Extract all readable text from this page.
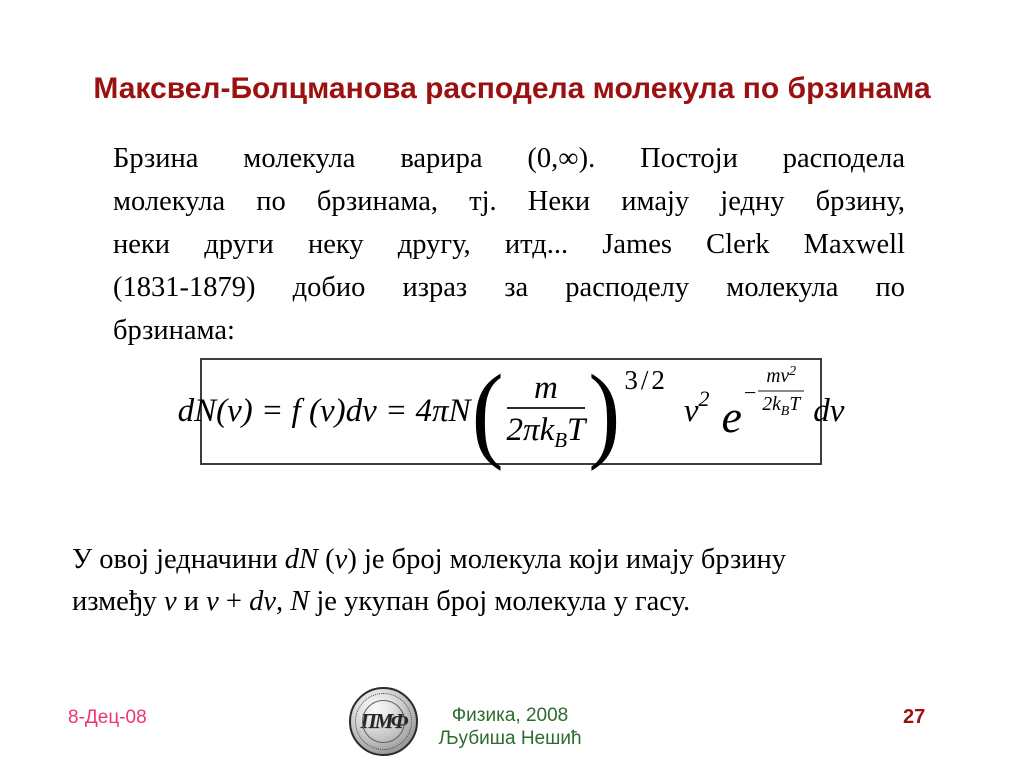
Максвел-Болцманова расподела молекула по брзинама
Брзина молекула варира (0,∞). Постоји расподела
молекула по брзинама, тј. Неки имају једну брзину,
неки други неку другу, итд... James Clerk Maxwell
(1831-1879) добио израз за расподелу молекула по
брзинама:
dN(v) = f (v)dv = 4πN ( $\frac{m}{2\pi k_BT}$ ) 3/2
$v^2$ $e - \frac{mv^2}{2k_BT}$ dv
У овој једначини dN (v) је број молекула који имају брзину
између v и v + dv, N је укупан број молекула у гасу.
8-Дец-08	ПМФ	Физика, 2008
Љубиша Нешић
27
